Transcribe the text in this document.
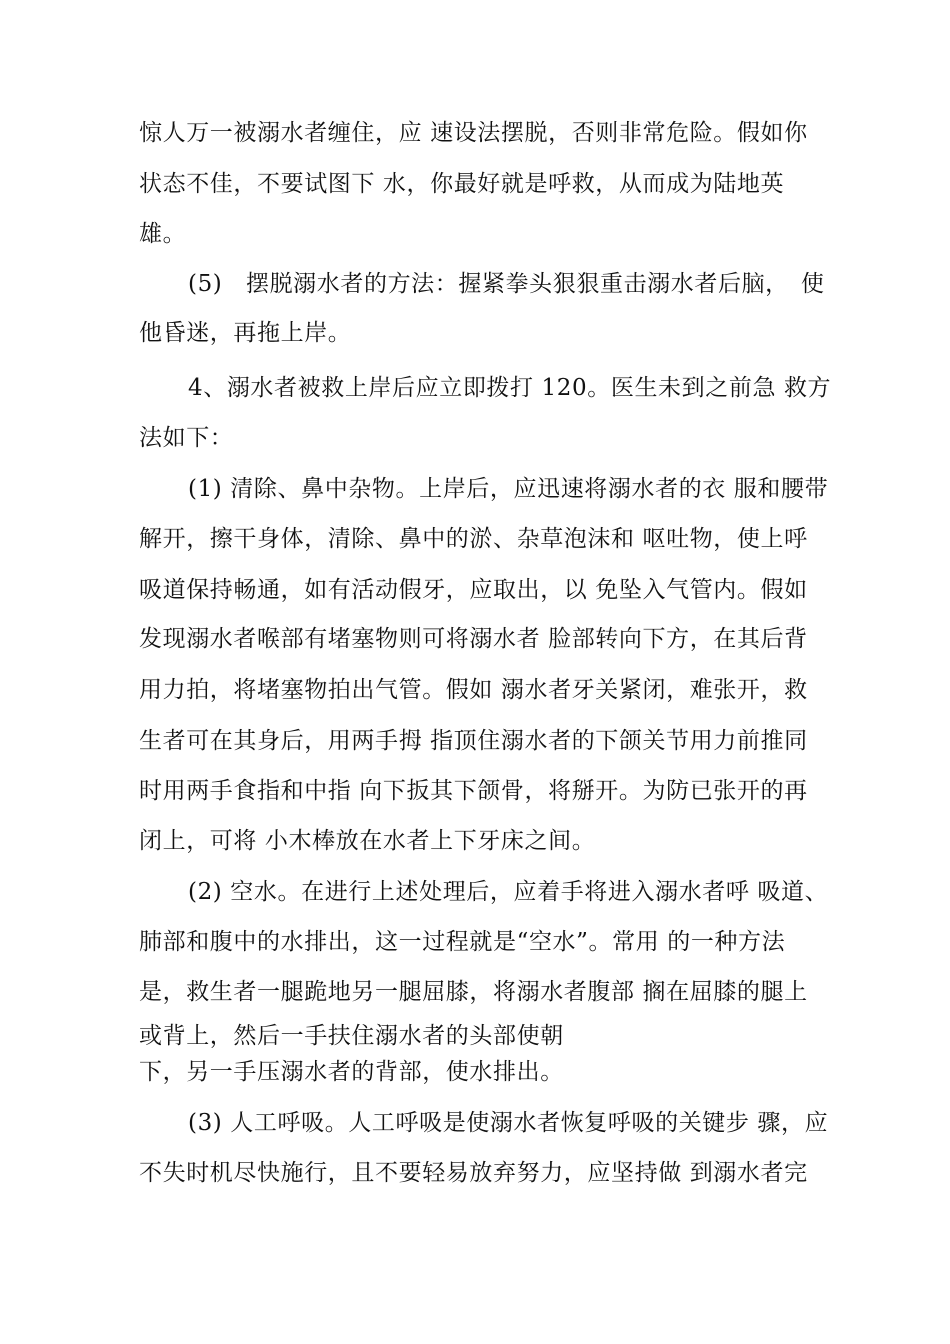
惊人万一被溺水者缠住，应 速设法摆脱，否则非常危险。假如你
状态不佳，不要试图下 水，你最好就是呼救，从而成为陆地英
雄。
(5)　摆脱溺水者的方法：握紧拳头狠狠重击溺水者后脑，　使
他昏迷，再拖上岸。
4、溺水者被救上岸后应立即拨打 120。医生未到之前急 救方
法如下：
(1) 清除、鼻中杂物。上岸后，应迅速将溺水者的衣 服和腰带
解开，擦干身体，清除、鼻中的淤、杂草泡沫和 呕吐物，使上呼
吸道保持畅通，如有活动假牙，应取出，以 免坠入气管内。假如
发现溺水者喉部有堵塞物则可将溺水者 脸部转向下方，在其后背
用力拍，将堵塞物拍出气管。假如 溺水者牙关紧闭，难张开，救
生者可在其身后，用两手拇 指顶住溺水者的下颌关节用力前推同
时用两手食指和中指 向下扳其下颌骨，将掰开。为防已张开的再
闭上，可将 小木棒放在水者上下牙床之间。
(2) 空水。在进行上述处理后，应着手将进入溺水者呼 吸道、
肺部和腹中的水排出，这一过程就是“空水”。常用 的一种方法
是，救生者一腿跪地另一腿屈膝，将溺水者腹部 搁在屈膝的腿上
或背上，然后一手扶住溺水者的头部使朝
下，另一手压溺水者的背部，使水排出。
(3) 人工呼吸。人工呼吸是使溺水者恢复呼吸的关键步 骤，应
不失时机尽快施行，且不要轻易放弃努力，应坚持做 到溺水者完
